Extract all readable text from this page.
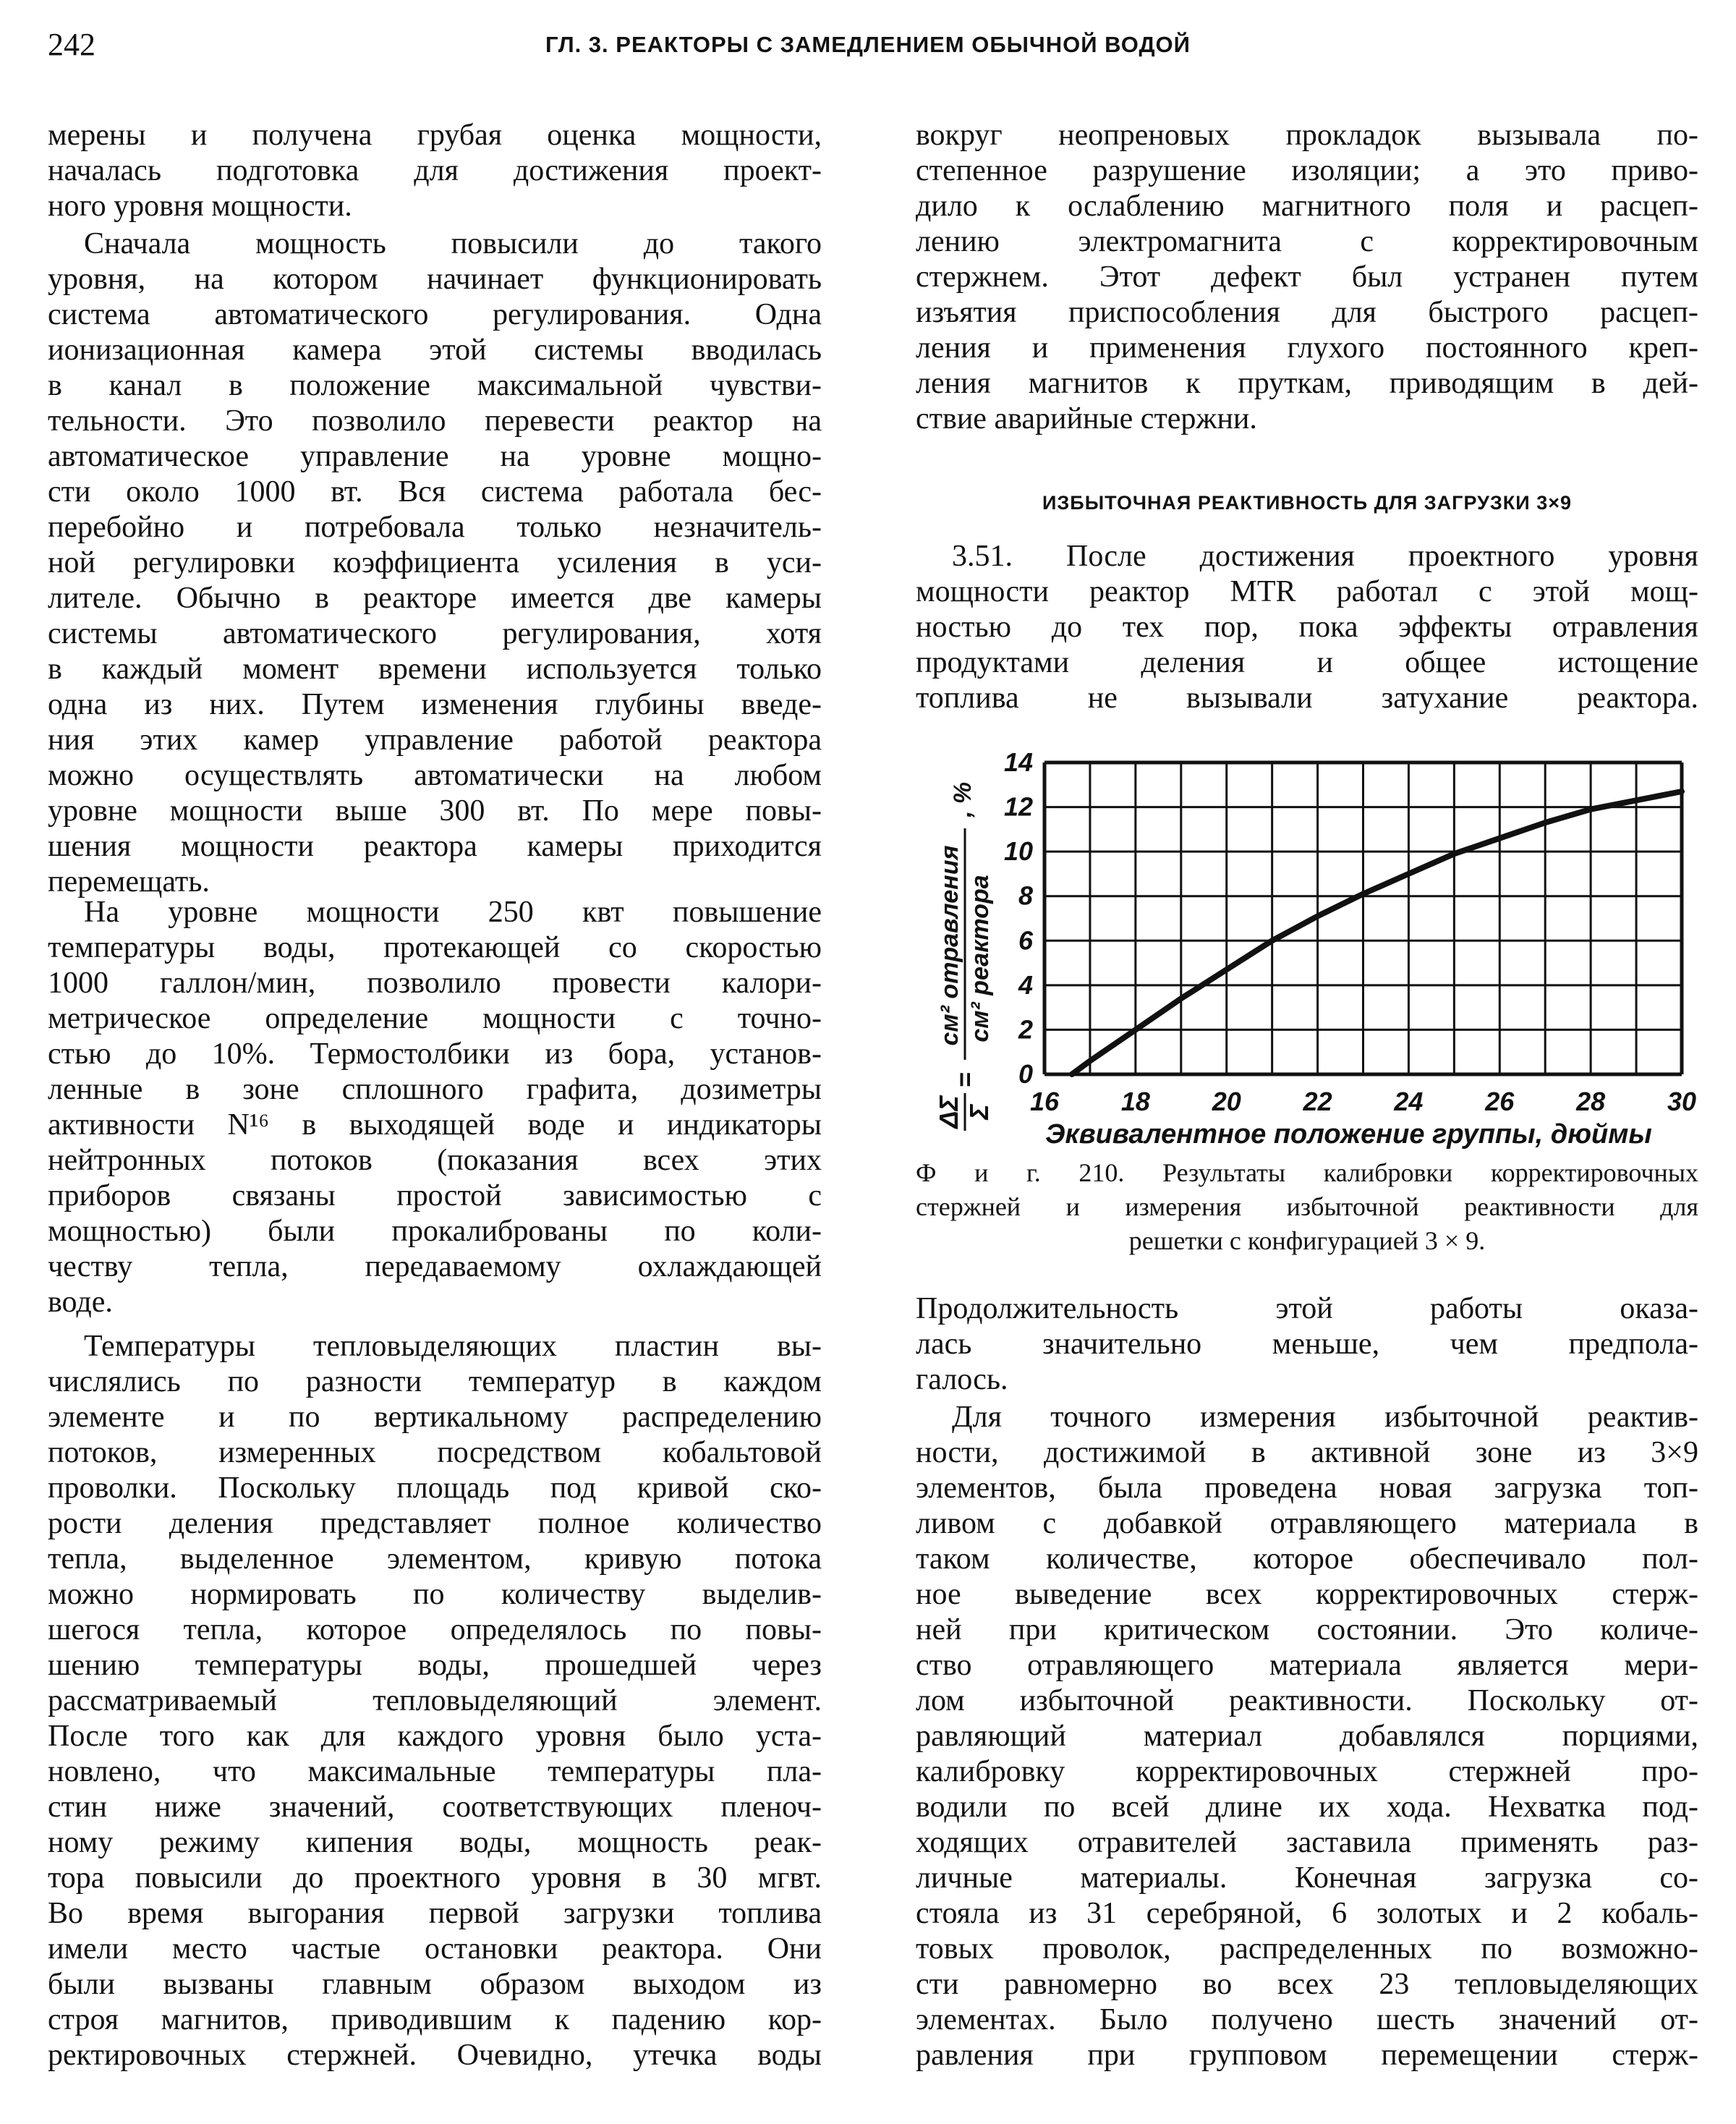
242	ГЛ. 3. РЕАКТОРЫ С ЗАМЕДЛЕНИЕМ ОБЫЧНОЙ ВОДОЙ
мерены и получена грубая оценка мощности,
началась подготовка для достижения проект-
ного уровня мощности.
Сначала мощность повысили до такого
уровня, на котором начинает функционировать
система автоматического регулирования. Одна
ионизационная камера этой системы вводилась
в канал в положение максимальной чувстви-
тельности. Это позволило перевести реактор на
автоматическое управление на уровне мощно-
сти около 1000 вт. Вся система работала бес-
перебойно и потребовала только незначитель-
ной регулировки коэффициента усиления в уси-
лителе. Обычно в реакторе имеется две камеры
системы автоматического регулирования, хотя
в каждый момент времени используется только
одна из них. Путем изменения глубины введе-
ния этих камер управление работой реактора
можно осуществлять автоматически на любом
уровне мощности выше 300 вт. По мере повы-
шения мощности реактора камеры приходится
перемещать.
На уровне мощности 250 квт повышение
температуры воды, протекающей со скоростью
1000 галлон/мин, позволило провести калори-
метрическое определение мощности с точно-
стью до 10%. Термостолбики из бора, установ-
ленные в зоне сплошного графита, дозиметры
активности N¹⁶ в выходящей воде и индикаторы
нейтронных потоков (показания всех этих
приборов связаны простой зависимостью с
мощностью) были прокалиброваны по коли-
честву тепла, передаваемому охлаждающей
воде.
Температуры тепловыделяющих пластин вы-
числялись по разности температур в каждом
элементе и по вертикальному распределению
потоков, измеренных посредством кобальтовой
проволки. Поскольку площадь под кривой ско-
рости деления представляет полное количество
тепла, выделенное элементом, кривую потока
можно нормировать по количеству выделив-
шегося тепла, которое определялось по повы-
шению температуры воды, прошедшей через
рассматриваемый тепловыделяющий элемент.
После того как для каждого уровня было уста-
новлено, что максимальные температуры пла-
стин ниже значений, соответствующих пленоч-
ному режиму кипения воды, мощность реак-
тора повысили до проектного уровня в 30 мгвт.
Во время выгорания первой загрузки топлива
имели место частые остановки реактора. Они
были вызваны главным образом выходом из
строя магнитов, приводившим к падению кор-
ректировочных стержней. Очевидно, утечка воды
вокруг неопреновых прокладок вызывала по-
степенное разрушение изоляции; а это приво-
дило к ослаблению магнитного поля и расцеп-
лению электромагнита с корректировочным
стержнем. Этот дефект был устранен путем
изъятия приспособления для быстрого расцеп-
ления и применения глухого постоянного креп-
ления магнитов к пруткам, приводящим в дей-
ствие аварийные стержни.
3.51. После достижения проектного уровня
мощности реактор MTR работал с этой мощ-
ностью до тех пор, пока эффекты отравления
продуктами деления и общее истощение
топлива не вызывали затухание реактора.
Продолжительность этой работы оказа-
лась значительно меньше, чем предпола-
галось.
Для точного измерения избыточной реактив-
ности, достижимой в активной зоне из 3×9
элементов, была проведена новая загрузка топ-
ливом с добавкой отравляющего материала в
таком количестве, которое обеспечивало пол-
ное выведение всех корректировочных стерж-
ней при критическом состоянии. Это количе-
ство отравляющего материала является мери-
лом избыточной реактивности. Поскольку от-
равляющий материал добавлялся порциями,
калибровку корректировочных стержней про-
водили по всей длине их хода. Нехватка под-
ходящих отравителей заставила применять раз-
личные материалы. Конечная загрузка со-
стояла из 31 серебряной, 6 золотых и 2 кобаль-
товых проволок, распределенных по возможно-
сти равномерно во всех 23 тепловыделяющих
элементах. Было получено шесть значений от-
равления при групповом перемещении стерж-
ИЗБЫТОЧНАЯ РЕАКТИВНОСТЬ ДЛЯ ЗАГРУЗКИ 3×9
16 18 20 22 24 26 28 30
0
2
4
6
8
10
12
14
Эквивалентное положение группы, дюймы
ΔΣ Σ
=
см² отравления см² реактора
, %
Ф и г. 210. Результаты калибровки корректировочных
стержней и измерения избыточной реактивности для
решетки с конфигурацией 3 × 9.
